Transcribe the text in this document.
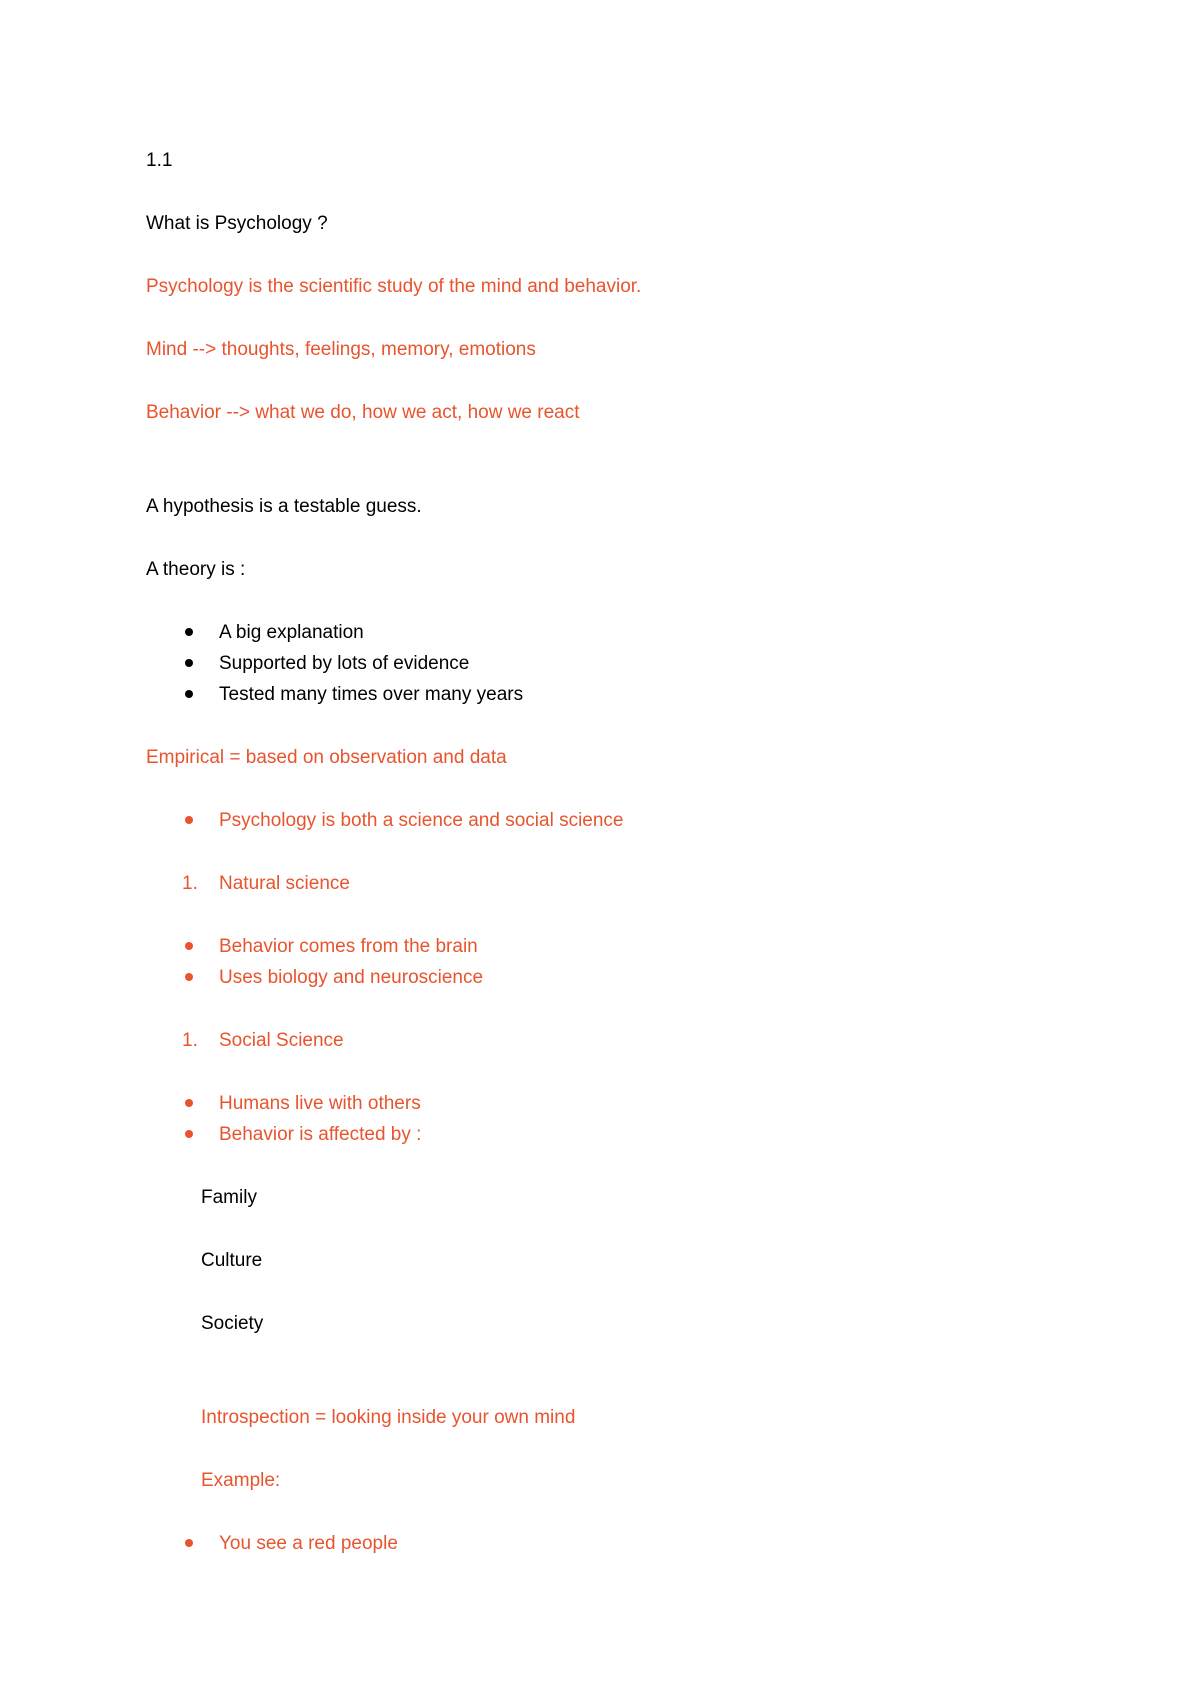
1.1
What is Psychology ?
Psychology is the scientific study of the mind and behavior.
Mind --> thoughts, feelings, memory, emotions
Behavior --> what we do, how we act, how we react
A hypothesis is a testable guess.
A theory is :
A big explanation
Supported by lots of evidence
Tested many times over many years
Empirical = based on observation and data
Psychology is both a science and social science
1. Natural science
Behavior comes from the brain
Uses biology and neuroscience
1. Social Science
Humans live with others
Behavior is affected by :
Family
Culture
Society
Introspection = looking inside your own mind
Example:
You see a red people
